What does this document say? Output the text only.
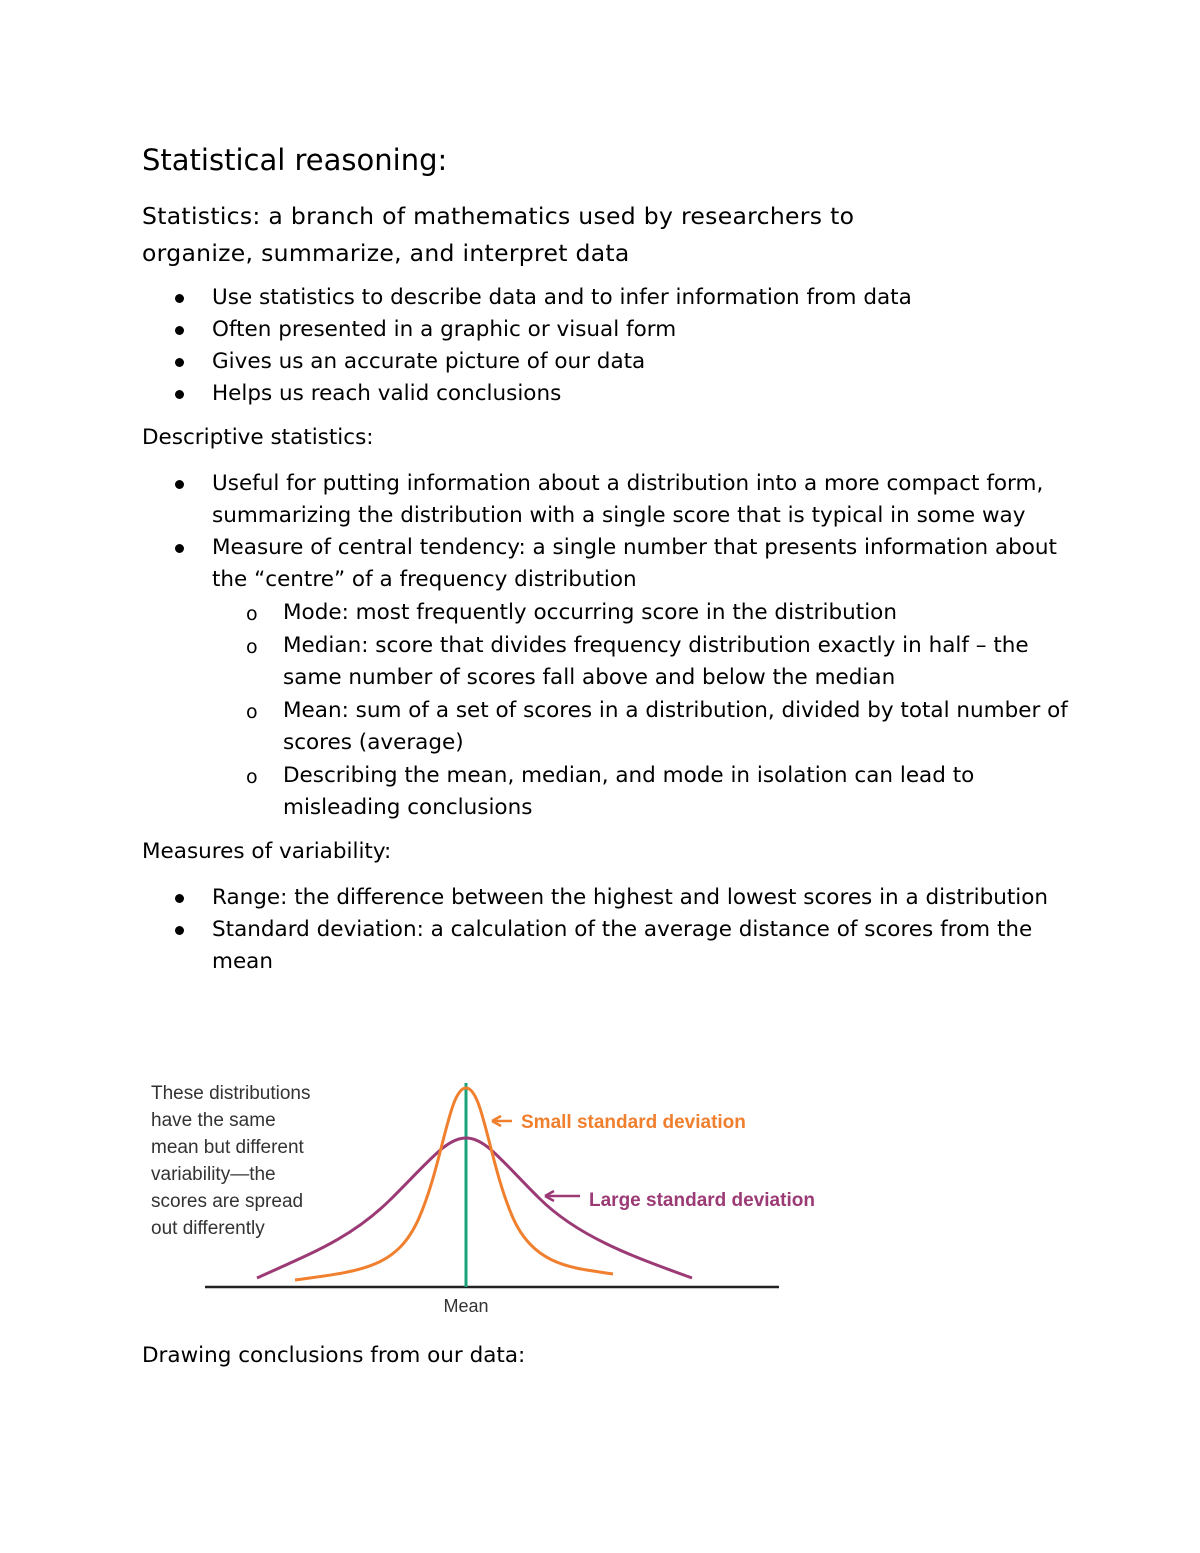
Statistical reasoning:
Statistics: a branch of mathematics used by researchers to
organize, summarize, and interpret data
Use statistics to describe data and to infer information from data
Often presented in a graphic or visual form
Gives us an accurate picture of our data
Helps us reach valid conclusions
Descriptive statistics:
Useful for putting information about a distribution into a more compact form, summarizing the distribution with a single score that is typical in some way
Measure of central tendency: a single number that presents information about the “centre” of a frequency distribution
o Mode: most frequently occurring score in the distribution
o Median: score that divides frequency distribution exactly in half – the same number of scores fall above and below the median
o Mean: sum of a set of scores in a distribution, divided by total number of scores (average)
o Describing the mean, median, and mode in isolation can lead to misleading conclusions
Measures of variability:
Range: the difference between the highest and lowest scores in a distribution
Standard deviation: a calculation of the average distance of scores from the mean
These distributions
have the same
mean but different
variability—the
scores are spread
out differently
Small standard deviation
Large standard deviation
Mean
Drawing conclusions from our data:
